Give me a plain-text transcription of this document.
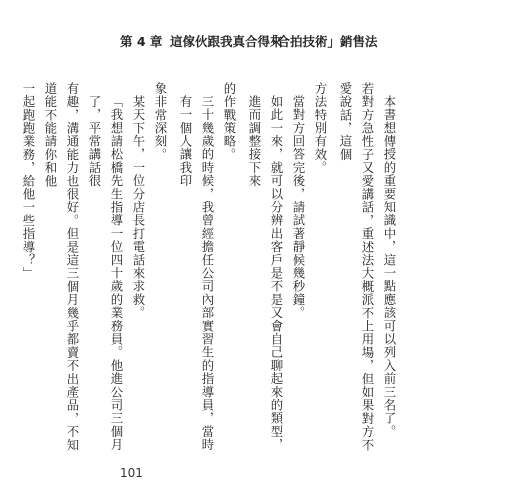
第 4 章 這傢伙跟我真合得來
「合拍技術」銷售法

本書想傳授的重要知識中，這一點應該可以列入前三名了。

若對方急性子又愛講話，重述法大概派不上用場，但如果對方不愛說話，這個

方法特別有效。

當對方回答完後，請試著靜候幾秒鐘。

如此一來，就可以分辨出客戶是不是又會自己聊起來的類型，進而調整接下來

的作戰策略。

三十幾歲的時候，我曾經擔任公司內部實習生的指導員，當時有一個人讓我印

象非常深刻。

某天下午，一位分店長打電話來求救。

「我想請松橋先生指導一位四十歲的業務員。他進公司三個月了，平常講話很

有趣，溝通能力也很好。但是這三個月幾乎都賣不出產品，不知道能不能請你和他

一起跑跑業務，給他一些指導？」

101
